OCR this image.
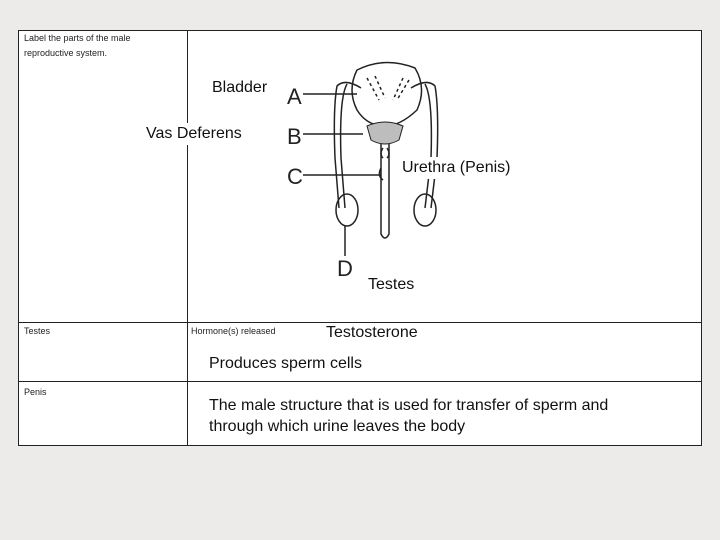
Label the parts of the male reproductive system.
Testes	Hormone(s) released
Penis
A
B
C
D
Bladder
Vas Deferens
Urethra (Penis)
Testes
Testosterone
Produces sperm cells
The male structure that is used for transfer of sperm and through which urine leaves the body
